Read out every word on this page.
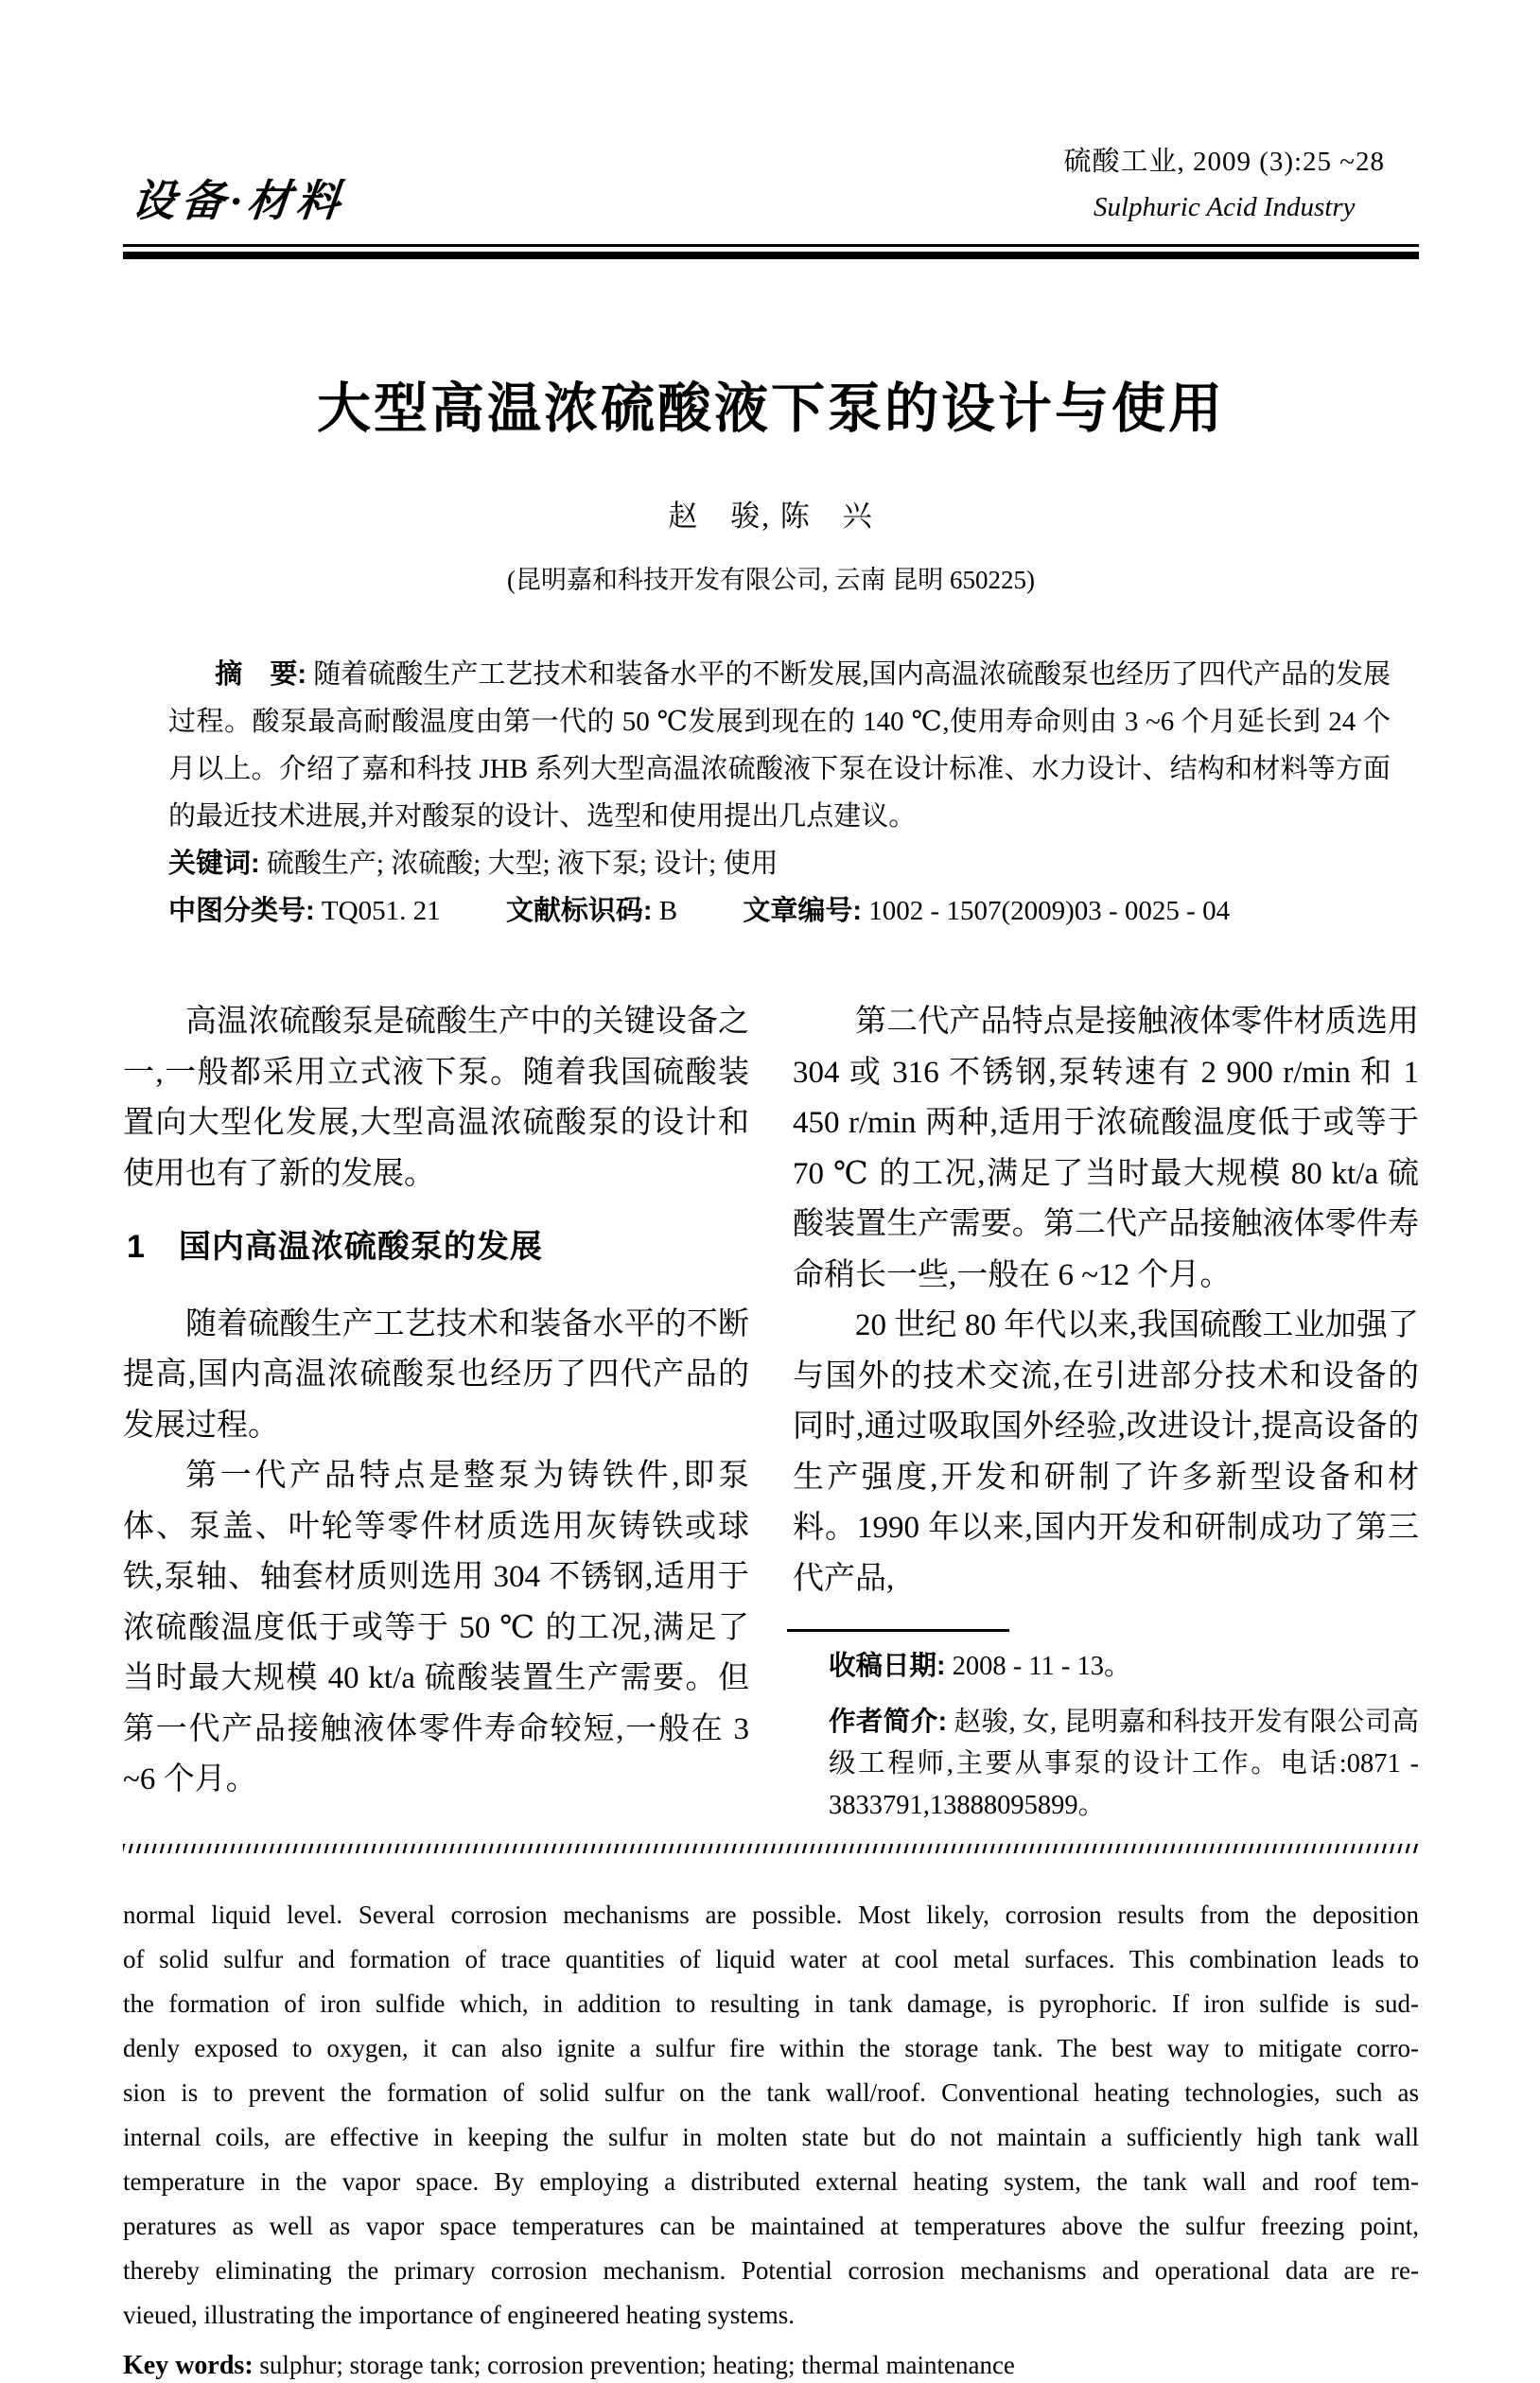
设备·材料
硫酸工业, 2009 (3):25 ~28
Sulphuric Acid Industry
大型高温浓硫酸液下泵的设计与使用
赵　骏, 陈　兴
(昆明嘉和科技开发有限公司, 云南 昆明 650225)

摘　要: 随着硫酸生产工艺技术和装备水平的不断发展,国内高温浓硫酸泵也经历了四代产品的发展过程。酸泵最高耐酸温度由第一代的 50 ℃发展到现在的 140 ℃,使用寿命则由 3 ~6 个月延长到 24 个月以上。介绍了嘉和科技 JHB 系列大型高温浓硫酸液下泵在设计标准、水力设计、结构和材料等方面的最近技术进展,并对酸泵的设计、选型和使用提出几点建议。

关键词: 硫酸生产; 浓硫酸; 大型; 液下泵; 设计; 使用

中图分类号: TQ051. 21 文献标识码: B 文章编号: 1002 - 1507(2009)03 - 0025 - 04

高温浓硫酸泵是硫酸生产中的关键设备之一,一般都采用立式液下泵。随着我国硫酸装置向大型化发展,大型高温浓硫酸泵的设计和使用也有了新的发展。

1　国内高温浓硫酸泵的发展

随着硫酸生产工艺技术和装备水平的不断提高,国内高温浓硫酸泵也经历了四代产品的发展过程。

第一代产品特点是整泵为铸铁件,即泵体、泵盖、叶轮等零件材质选用灰铸铁或球铁,泵轴、轴套材质则选用 304 不锈钢,适用于浓硫酸温度低于或等于 50 ℃ 的工况,满足了当时最大规模 40 kt/a 硫酸装置生产需要。但第一代产品接触液体零件寿命较短,一般在 3 ~6 个月。

第二代产品特点是接触液体零件材质选用 304 或 316 不锈钢,泵转速有 2 900 r/min 和 1 450 r/min 两种,适用于浓硫酸温度低于或等于 70 ℃ 的工况,满足了当时最大规模 80 kt/a 硫酸装置生产需要。第二代产品接触液体零件寿命稍长一些,一般在 6 ~12 个月。

20 世纪 80 年代以来,我国硫酸工业加强了与国外的技术交流,在引进部分技术和设备的同时,通过吸取国外经验,改进设计,提高设备的生产强度,开发和研制了许多新型设备和材料。1990 年以来,国内开发和研制成功了第三代产品,

收稿日期: 2008 - 11 - 13。

作者简介: 赵骏, 女, 昆明嘉和科技开发有限公司高级工程师,主要从事泵的设计工作。电话:0871 - 3833791,13888095899。

normal liquid level. Several corrosion mechanisms are possible. Most likely, corrosion results from the deposition
of solid sulfur and formation of trace quantities of liquid water at cool metal surfaces. This combination leads to
the formation of iron sulfide which, in addition to resulting in tank damage, is pyrophoric. If iron sulfide is sud-
denly exposed to oxygen, it can also ignite a sulfur fire within the storage tank. The best way to mitigate corro-
sion is to prevent the formation of solid sulfur on the tank wall/roof. Conventional heating technologies, such as
internal coils, are effective in keeping the sulfur in molten state but do not maintain a sufficiently high tank wall
temperature in the vapor space. By employing a distributed external heating system, the tank wall and roof tem-
peratures as well as vapor space temperatures can be maintained at temperatures above the sulfur freezing point,
thereby eliminating the primary corrosion mechanism. Potential corrosion mechanisms and operational data are re-
vieued, illustrating the importance of engineered heating systems.

Key words: sulphur; storage tank; corrosion prevention; heating; thermal maintenance
